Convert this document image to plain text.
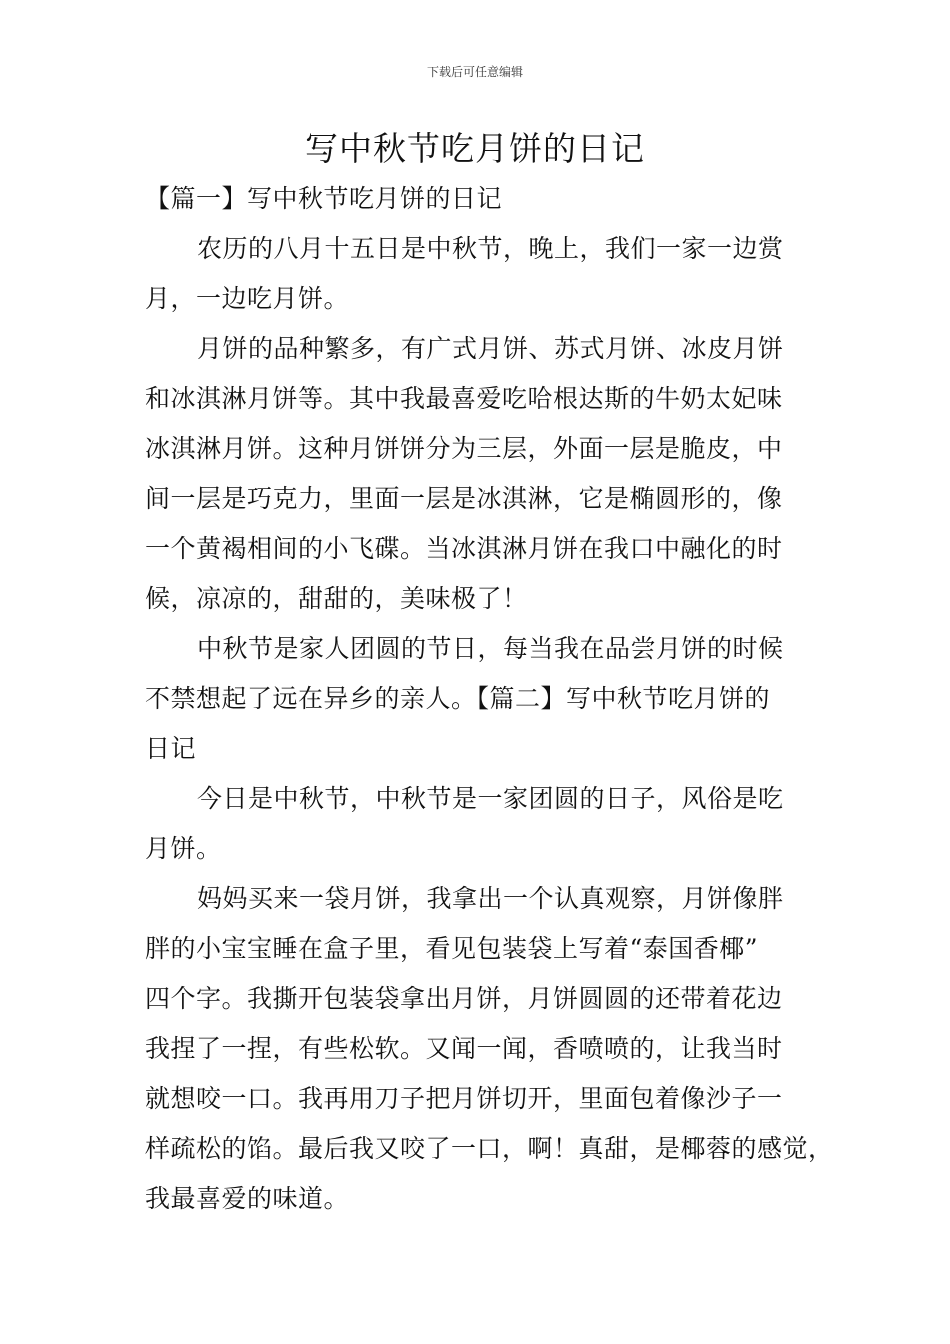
下载后可任意编辑
写中秋节吃月饼的日记
【篇一】写中秋节吃月饼的日记
农历的八月十五日是中秋节，晚上，我们一家一边赏
月，一边吃月饼。
月饼的品种繁多，有广式月饼、苏式月饼、冰皮月饼
和冰淇淋月饼等。其中我最喜爱吃哈根达斯的牛奶太妃味
冰淇淋月饼。这种月饼饼分为三层，外面一层是脆皮，中
间一层是巧克力，里面一层是冰淇淋，它是椭圆形的，像
一个黄褐相间的小飞碟。当冰淇淋月饼在我口中融化的时
候，凉凉的，甜甜的，美味极了！
中秋节是家人团圆的节日，每当我在品尝月饼的时候
不禁想起了远在异乡的亲人。【篇二】写中秋节吃月饼的
日记
今日是中秋节，中秋节是一家团圆的日子，风俗是吃
月饼。
妈妈买来一袋月饼，我拿出一个认真观察，月饼像胖
胖的小宝宝睡在盒子里，看见包装袋上写着“泰国香椰”
四个字。我撕开包装袋拿出月饼，月饼圆圆的还带着花边
我捏了一捏，有些松软。又闻一闻，香喷喷的，让我当时
就想咬一口。我再用刀子把月饼切开，里面包着像沙子一
样疏松的馅。最后我又咬了一口，啊！真甜，是椰蓉的感觉，
我最喜爱的味道。
